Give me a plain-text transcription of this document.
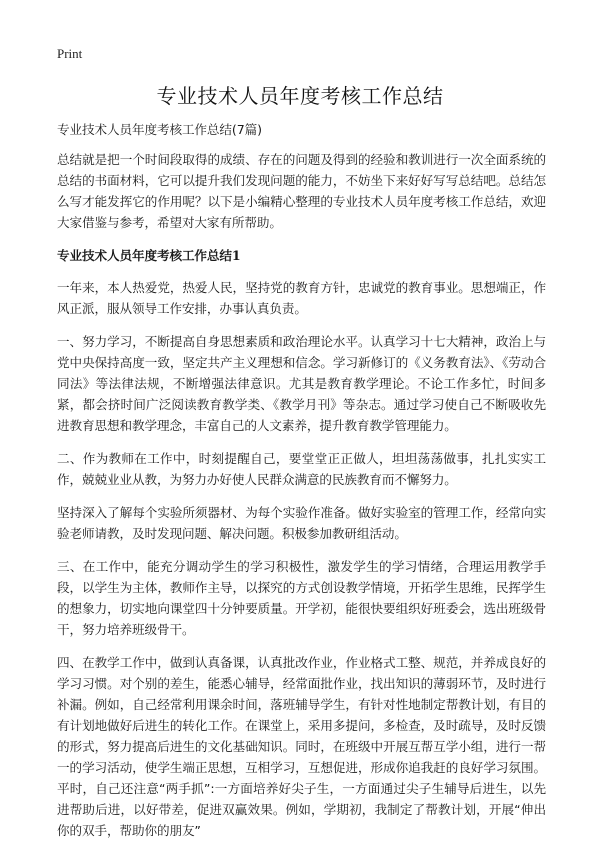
Print
专业技术人员年度考核工作总结

专业技术人员年度考核工作总结(7篇)

总结就是把一个时间段取得的成绩、存在的问题及得到的经验和教训进行一次全面系统的总结的书面材料，它可以提升我们发现问题的能力，不妨坐下来好好写写总结吧。总结怎么写才能发挥它的作用呢？以下是小编精心整理的专业技术人员年度考核工作总结，欢迎大家借鉴与参考，希望对大家有所帮助。

专业技术人员年度考核工作总结1

一年来，本人热爱党，热爱人民，坚持党的教育方针，忠诚党的教育事业。思想端正，作风正派，服从领导工作安排，办事认真负责。

一、努力学习，不断提高自身思想素质和政治理论水平。认真学习十七大精神，政治上与党中央保持高度一致，坚定共产主义理想和信念。学习新修订的《义务教育法》、《劳动合同法》等法律法规，不断增强法律意识。尤其是教育教学理论。不论工作多忙，时间多紧，都会挤时间广泛阅读教育教学类、《教学月刊》等杂志。通过学习使自己不断吸收先进教育思想和教学理念，丰富自己的人文素养，提升教育教学管理能力。

二、作为教师在工作中，时刻提醒自己，要堂堂正正做人，坦坦荡荡做事，扎扎实实工作，兢兢业业从教，为努力办好使人民群众满意的民族教育而不懈努力。

坚持深入了解每个实验所须器材、为每个实验作准备。做好实验室的管理工作，经常向实验老师请教，及时发现问题、解决问题。积极参加教研组活动。

三、在工作中，能充分调动学生的学习积极性，激发学生的学习情绪，合理运用教学手段，以学生为主体，教师作主导，以探究的方式创设教学情境，开拓学生思维，民挥学生的想象力，切实地向课堂四十分钟要质量。开学初，能很快要组织好班委会，选出班级骨干，努力培养班级骨干。

四、在教学工作中，做到认真备课，认真批改作业，作业格式工整、规范，并养成良好的学习习惯。对个别的差生，能悉心辅导，经常面批作业，找出知识的薄弱环节，及时进行补漏。例如，自己经常利用课余时间，落班辅导学生，有针对性地制定帮教计划，有目的有计划地做好后进生的转化工作。在课堂上，采用多提问，多检查，及时疏导，及时反馈的形式，努力提高后进生的文化基础知识。同时，在班级中开展互帮互学小组，进行一帮一的学习活动，使学生端正思想，互相学习，互想促进，形成你追我赶的良好学习氛围。平时，自己还注意“两手抓”:一方面培养好尖子生，一方面通过尖子生辅导后进生，以先进帮助后进，以好带差，促进双赢效果。例如，学期初，我制定了帮教计划，开展“伸出你的双手，帮助你的朋友”
